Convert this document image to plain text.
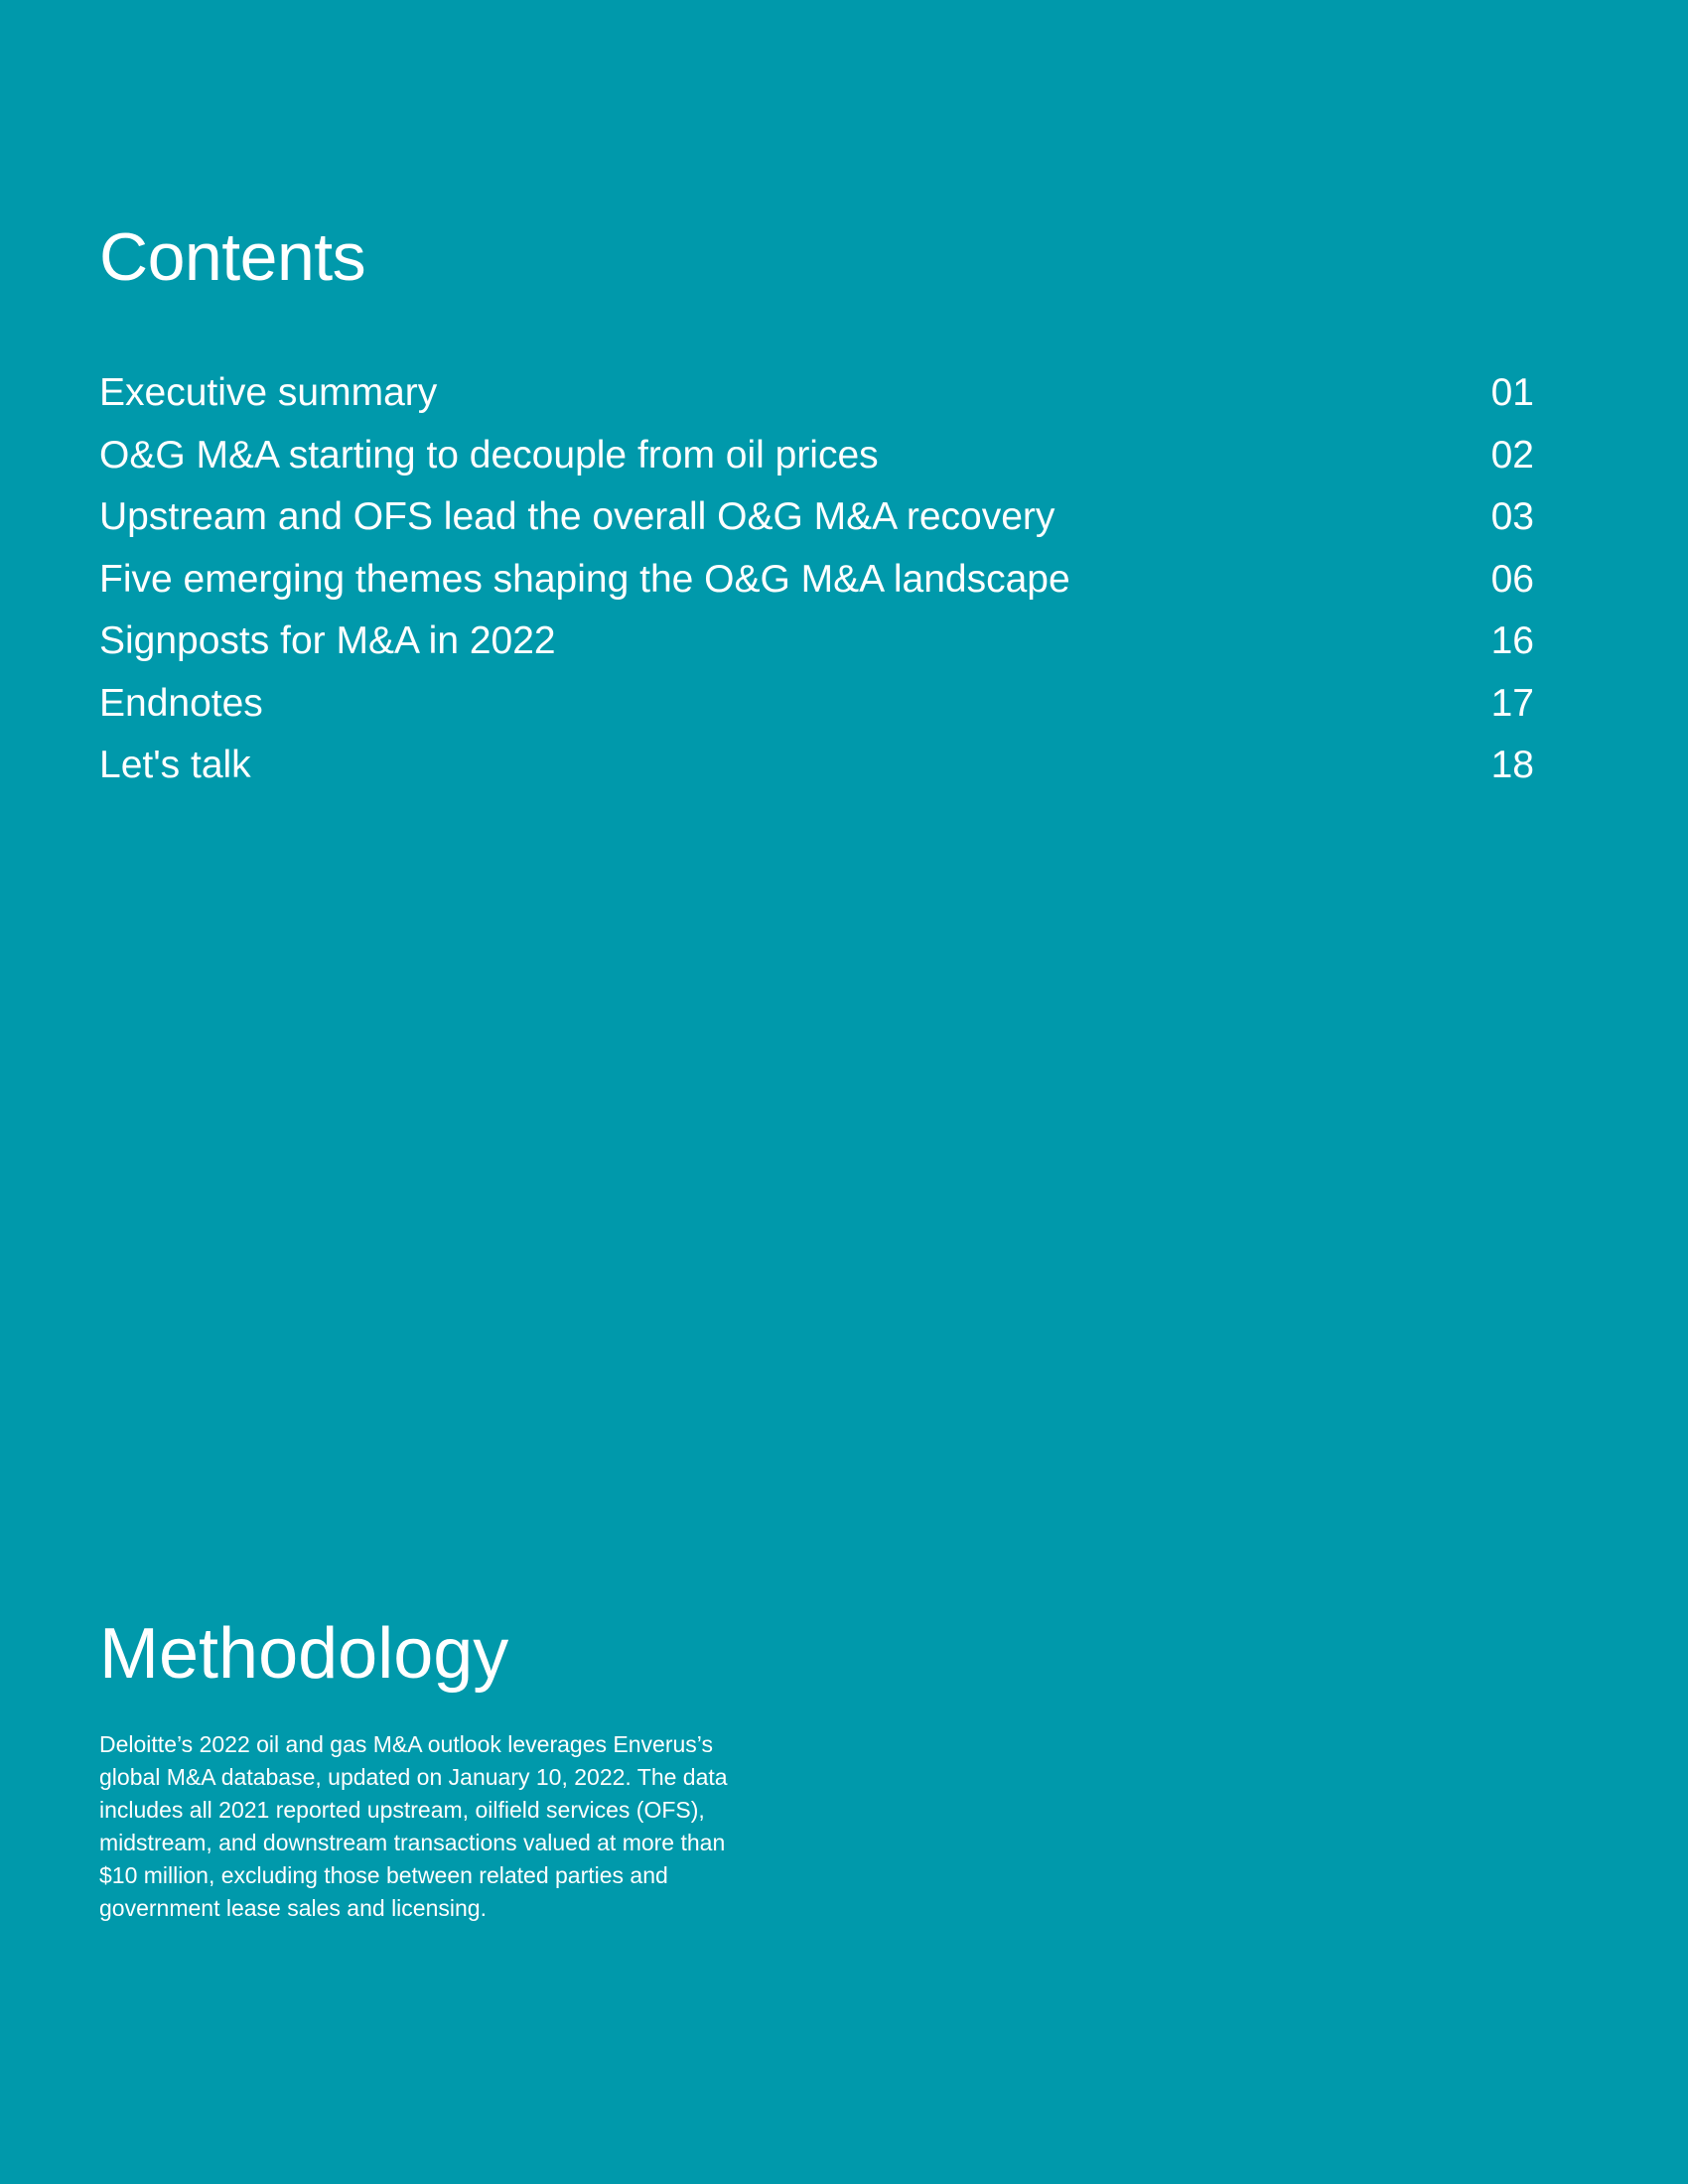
Contents
Executive summary	01
O&G M&A starting to decouple from oil prices	02
Upstream and OFS lead the overall O&G M&A recovery	03
Five emerging themes shaping the O&G M&A landscape	06
Signposts for M&A in 2022	16
Endnotes	17
Let's talk	18
Methodology

Deloitte’s 2022 oil and gas M&A outlook leverages Enverus’s global M&A database, updated on January 10, 2022. The data includes all 2021 reported upstream, oilfield services (OFS), midstream, and downstream transactions valued at more than $10 million, excluding those between related parties and government lease sales and licensing.
